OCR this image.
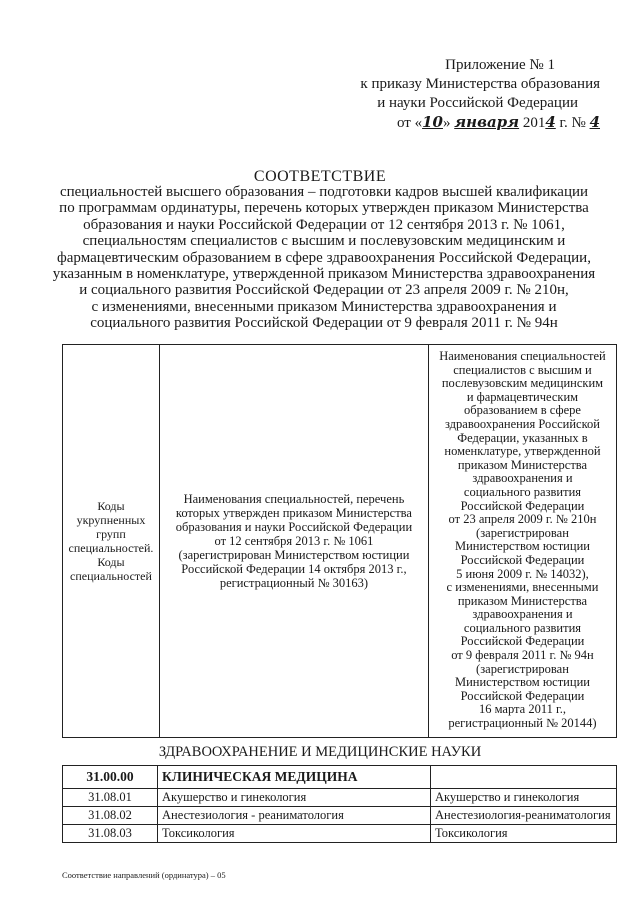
Приложение № 1
к приказу Министерства образования
и науки Российской Федерации
от «10» января 2014 г. № 4
СООТВЕТСТВИЕ
специальностей высшего образования – подготовки кадров высшей квалификации
по программам ординатуры, перечень которых утвержден приказом Министерства
образования и науки Российской Федерации от 12 сентября 2013 г. № 1061,
специальностям специалистов с высшим и послевузовским медицинским и
фармацевтическим образованием в сфере здравоохранения Российской Федерации,
указанным в номенклатуре, утвержденной приказом Министерства здравоохранения
и социального развития Российской Федерации от 23 апреля 2009 г. № 210н,
с изменениями, внесенными приказом Министерства здравоохранения и
социального развития Российской Федерации от 9 февраля 2011 г. № 94н
Коды
укрупненных
групп
специальностей.
Коды
специальностей

Наименования специальностей, перечень
которых утвержден приказом Министерства
образования и науки Российской Федерации
от 12 сентября 2013 г. № 1061
(зарегистрирован Министерством юстиции
Российской Федерации 14 октября 2013 г.,
регистрационный № 30163)

Наименования специальностей
специалистов с высшим и
послевузовским медицинским
и фармацевтическим
образованием в сфере
здравоохранения Российской
Федерации, указанных в
номенклатуре, утвержденной
приказом Министерства
здравоохранения и
социального развития
Российской Федерации
от 23 апреля 2009 г. № 210н
(зарегистрирован
Министерством юстиции
Российской Федерации
5 июня 2009 г. № 14032),
с изменениями, внесенными
приказом Министерства
здравоохранения и
социального развития
Российской Федерации
от 9 февраля 2011 г. № 94н
(зарегистрирован
Министерством юстиции
Российской Федерации
16 марта 2011 г.,
регистрационный № 20144)
ЗДРАВООХРАНЕНИЕ И МЕДИЦИНСКИЕ НАУКИ
31.00.00	КЛИНИЧЕСКАЯ МЕДИЦИНА	
31.08.01	Акушерство и гинекология	Акушерство и гинекология
31.08.02	Анестезиология - реаниматология	Анестезиология-реаниматология
31.08.03	Токсикология	Токсикология
Соответствие направлений (ординатура) – 05
